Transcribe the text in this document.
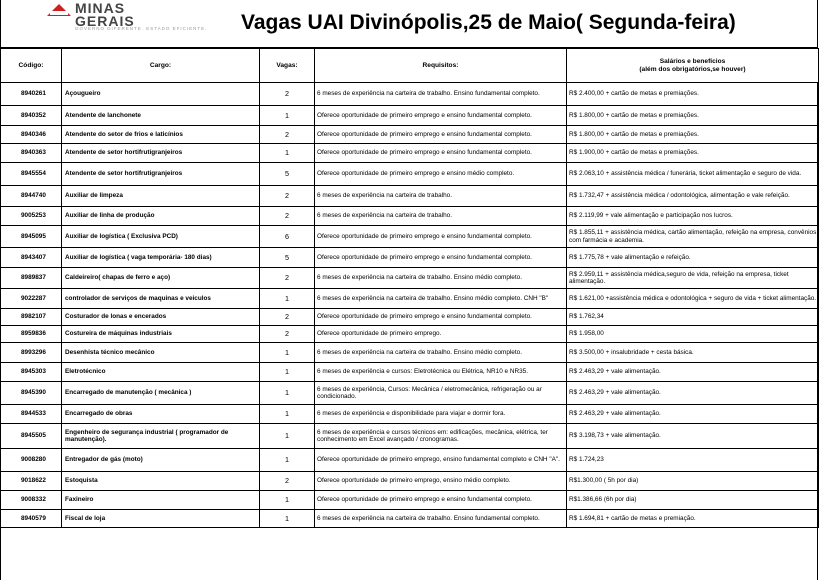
MINAS
GERAIS
GOVERNO DIFERENTE. ESTADO EFICIENTE. Vagas UAI Divinópolis,25 de Maio( Segunda-feira)
Código:	Cargo:	Vagas:	Requisitos:	Salários e benefícios
(além dos obrigatórios,se houver)

8940261	Açougueiro	2	6 meses de experiência na carteira de trabalho. Ensino fundamental completo.	R$ 2.400,00 + cartão de metas e premiações.
8940352	Atendente de lanchonete	1	Oferece oportunidade de primeiro emprego e ensino fundamental completo.	R$ 1.800,00 + cartão de metas e premiações.
8940346	Atendente do setor de frios e laticínios	2	Oferece oportunidade de primeiro emprego e ensino fundamental completo.	R$ 1.800,00 + cartão de metas e premiações.
8940363	Atendente de setor hortifrutigranjeiros	1	Oferece oportunidade de primeiro emprego e ensino fundamental completo.	R$ 1.900,00 + cartão de metas e premiações.
8945554	Atendente de setor hortifrutigranjeiros	5	Oferece oportunidade de primeiro emprego e ensino médio completo.	R$ 2.063,10 + assistência médica / funerária, ticket alimentação e seguro de vida.
8944740	Auxiliar de limpeza	2	6 meses de experiência na carteira de trabalho.	R$ 1.732,47 + assistência médica / odontológica, alimentação e vale refeição.
9005253	Auxiliar de linha de produção	2	6 meses de experiência na carteira de trabalho.	R$ 2.119,99 + vale alimentação e participação nos lucros.
8945095	Auxiliar de logística ( Exclusiva PCD)	6	Oferece oportunidade de primeiro emprego e ensino fundamental completo.	R$ 1.855,11 + assistência médica, cartão alimentação, refeição na empresa, convênios com farmácia e academia.
8943407	Auxiliar de logística ( vaga temporária- 180 dias)	5	Oferece oportunidade de primeiro emprego e ensino fundamental completo.	R$ 1.775,78 + vale alimentação e refeição.
8989837	Caldeireiro( chapas de ferro e aço)	2	6 meses de experiência na carteira de trabalho. Ensino médio completo.	R$ 2.959,11 + assistência médica,seguro de vida, refeição na empresa, ticket alimentação.
9022287	controlador de serviços de maquinas e veiculos	1	6 meses de experiência na carteira de trabalho. Ensino médio completo. CNH "B"	R$ 1.621,00 +assistência médica e odontológica + seguro de vida + ticket alimentação.
8982107	Costurador de lonas e encerados	2	Oferece oportunidade de primeiro emprego e ensino fundamental completo.	R$ 1.762,34
8959836	Costureira de máquinas industriais	2	Oferece oportunidade de primeiro emprego.	R$ 1.958,00
8993296	Desenhista técnico mecânico	1	6 meses de experiência na carteira de trabalho. Ensino médio completo.	R$ 3.500,00 + insalubridade + cesta básica.
8945303	Eletrotécnico	1	6 meses de experiência e cursos: Eletrotécnica ou Elétrica, NR10 e NR35.	R$ 2.463,29 + vale alimentação.
8945390	Encarregado de manutenção ( mecânica )	1	6 meses de experiência, Cursos: Mecânica / eletromecânica, refrigeração ou ar condicionado.	R$ 2.463,29 + vale alimentação.
8944533	Encarregado de obras	1	6 meses de experiência e disponibilidade para viajar e dormir fora.	R$ 2.463,29 + vale alimentação.
8945505	Engenheiro de segurança industrial ( programador de manutenção).	1	6 meses de experiência e cursos técnicos em: edificações, mecânica, elétrica, ter conhecimento em Excel avançado / cronogramas.	R$ 3.198,73 + vale alimentação.
9008280	Entregador de gás (moto)	1	Oferece oportunidade de primeiro emprego, ensino fundamental completo e CNH "A".	R$ 1.724,23
9018622	Estoquista	2	Oferece oportunidade de primeiro emprego, ensino médio completo.	R$1.300,00 ( 5h por dia)
9008332	Faxineiro	1	Oferece oportunidade de primeiro emprego e ensino fundamental completo.	R$1.386,66 (6h por dia)
8940579	Fiscal de loja	1	6 meses de experiência na carteira de trabalho. Ensino fundamental completo.	R$ 1.694,81 + cartão de metas e premiação.
